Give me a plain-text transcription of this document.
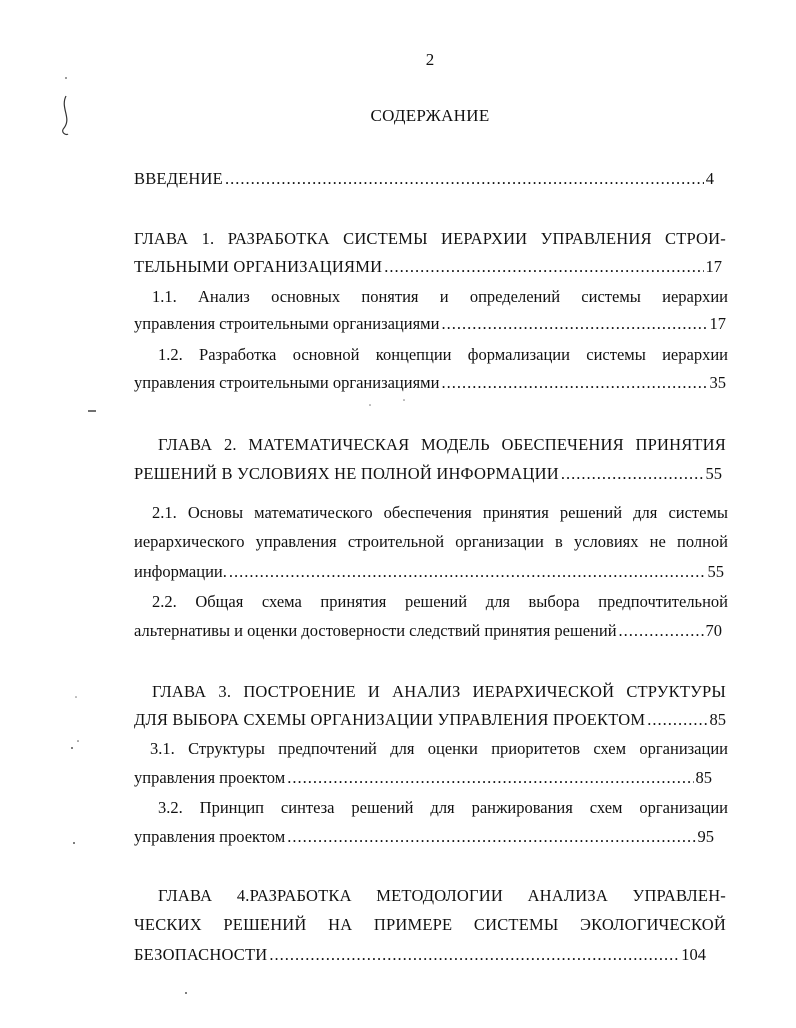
2
СОДЕРЖАНИЕ
ВВЕДЕНИЕ .....	4
ГЛАВА 1. РАЗРАБОТКА СИСТЕМЫ ИЕРАРХИИ УПРАВЛЕНИЯ СТРОИ-
ТЕЛЬНЫМИ ОРГАНИЗАЦИЯМИ .....	17
1.1. Анализ основных понятия и определений системы иерархии
управления строительными организациями .....	17
1.2. Разработка основной концепции формализации системы иерархии
управления строительными организациями .....	35
ГЛАВА 2. МАТЕМАТИЧЕСКАЯ МОДЕЛЬ ОБЕСПЕЧЕНИЯ ПРИНЯТИЯ
РЕШЕНИЙ В УСЛОВИЯХ НЕ ПОЛНОЙ ИНФОРМАЦИИ .....	55
2.1. Основы математического обеспечения принятия решений для системы
иерархического управления строительной организации в условиях не полной
информации. .....	55
2.2. Общая схема принятия решений для выбора предпочтительной
альтернативы и оценки достоверности следствий принятия решений .....	70
ГЛАВА 3. ПОСТРОЕНИЕ И АНАЛИЗ ИЕРАРХИЧЕСКОЙ СТРУКТУРЫ
ДЛЯ ВЫБОРА СХЕМЫ ОРГАНИЗАЦИИ УПРАВЛЕНИЯ ПРОЕКТОМ .....	85
3.1. Структуры предпочтений для оценки приоритетов схем организации
управления проектом .....	85
3.2. Принцип синтеза решений для ранжирования схем организации
управления проектом .....	95
ГЛАВА 4.РАЗРАБОТКА МЕТОДОЛОГИИ АНАЛИЗА УПРАВЛЕН-
ЧЕСКИХ РЕШЕНИЙ НА ПРИМЕРЕ СИСТЕМЫ ЭКОЛОГИЧЕСКОЙ
БЕЗОПАСНОСТИ .....	104
